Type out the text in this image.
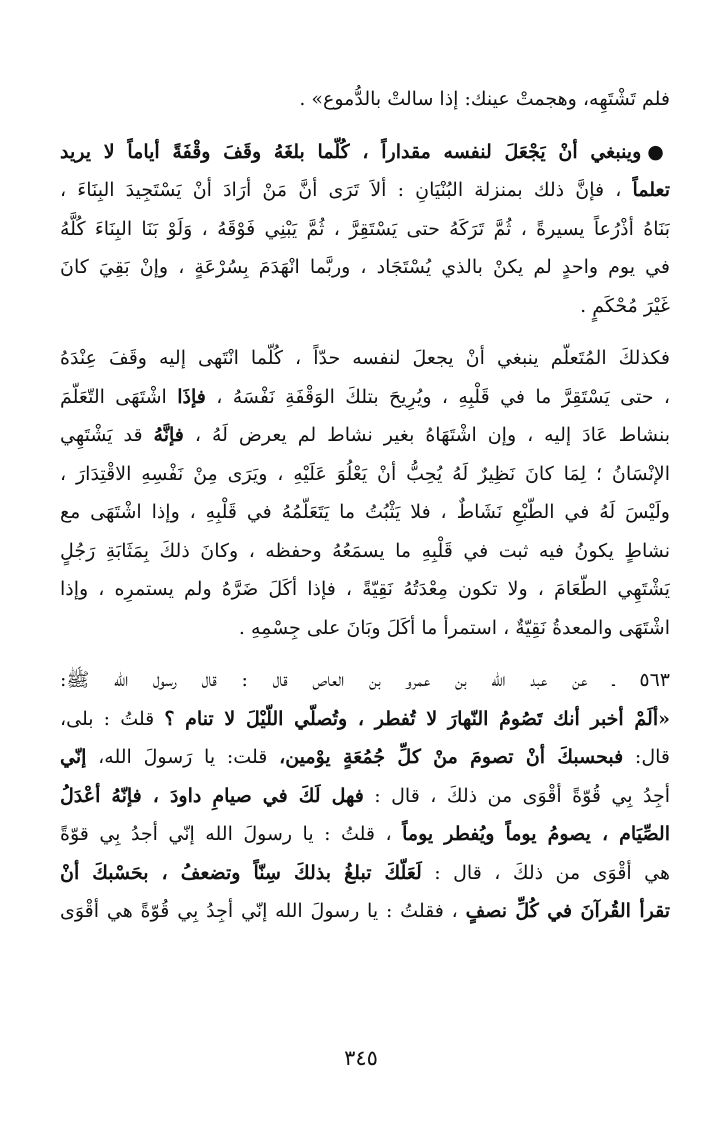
فلم تَشْتَهِه، وهجمتْ عينك: إذا سالتْ بالدُّموع» .
●وينبغي أنْ يَجْعَلَ لنفسه مقداراً ، كُلّما بلغَهُ وقَفَ وقْفَةً أياماً لا يريد
تعلماً ، فإنَّ ذلك بمنزلة البُنْيَانِ : ألاَ تَرَى أنَّ مَنْ أرَادَ أنْ يَسْتَجِيدَ البِنَاءَ ،
بَنَاهُ أذْرُعاً يسيرةً ، ثُمَّ تَرَكَهُ حتى يَسْتَقِرَّ ، ثُمَّ يَبْنِي فَوْقَهُ ، وَلَوْ بَنَا البِنَاءَ كُلَّهُ
في يوم واحدٍ لم يكنْ بالذي يُسْتَجَاد ، وربَّما انْهَدَمَ بِسُرْعَةٍ ، وإنْ بَقِيَ كانَ
غَيْرَ مُحْكَمٍ .
فكذلكَ المُتَعلّم ينبغي أنْ يجعلَ لنفسه حدّاً ، كُلّما انْتَهى إليه وقَفَ عِنْدَهُ
، حتى يَسْتَقِرَّ ما في قَلْبِهِ ، ويُرِيحَ بتلكَ الوَقْفَةِ نَفْسَهُ ، فإذَا اشْتَهَى التّعَلّمَ
بنشاط عَادَ إليه ، وإن اشْتَهَاهُ بغير نشاط لم يعرض لَهُ ، فإنَّهُ قد يَشْتَهِي
الإنْسَانُ ؛ لِمَا كانَ نَظِيرٌ لَهُ يُحِبُّ أنْ يَعْلُوَ عَلَيْهِ ، ويَرَى مِنْ نَفْسِهِ الاقْتِدَارَ ،
ولَيْسَ لَهُ في الطّبْعِ نَشَاطٌ ، فلا يَثْبُتُ ما يَتَعَلّمُهُ في قَلْبِهِ ، وإذا اشْتَهَى مع
نشاطٍ يكونُ فيه ثبت في قَلْبِهِ ما يسمَعُهُ وحفظه ، وكانَ ذلكَ بِمَثَابَةِ رَجُلٍ
يَشْتَهِي الطّعَامَ ، ولا تكون مِعْدَتُهُ نَقِيّةً ، فإذا أكَلَ ضَرَّهُ ولم يستمرِه ، وإذا
اشْتَهَى والمعدةُ نَقِيّةٌ ، استمرأ ما أكَلَ وبَانَ على جِسْمِهِ .
٥٦٣ ـ عن عبد الله بن عمرو بن العاص قال : قال رسول الله ﷺ:
«ألَمْ أخبر أنك تَصُومُ النّهارَ لا تُفطر ، وتُصلّي اللّيْلَ لا تنام ؟ قلتُ : بلى،
قال: فبحسبكَ أنْ تصومَ منْ كلِّ جُمُعَةٍ يوْمين، قلت: يا رَسولَ الله، إنّي
أجِدُ بِي قُوّةً أقْوَى من ذلكَ ، قال : فهل لَكَ في صيامِ داودَ ، فإنّهُ أعْدَلُ
الصِّيَام ، يصومُ يوماً ويُفطر يوماً ، قلتُ : يا رسولَ الله إنّي أجدُ بِي قوّةً
هي أقْوَى من ذلكَ ، قال : لَعَلّكَ تبلغُ بذلكَ سِنّاً وتضعفُ ، بحَسْبكَ أنْ
تقرأ القُرآنَ في كُلِّ نصفٍ ، فقلتُ : يا رسولَ الله إنّي أجِدُ بِي قُوّةً هي أقْوَى
٣٤٥
